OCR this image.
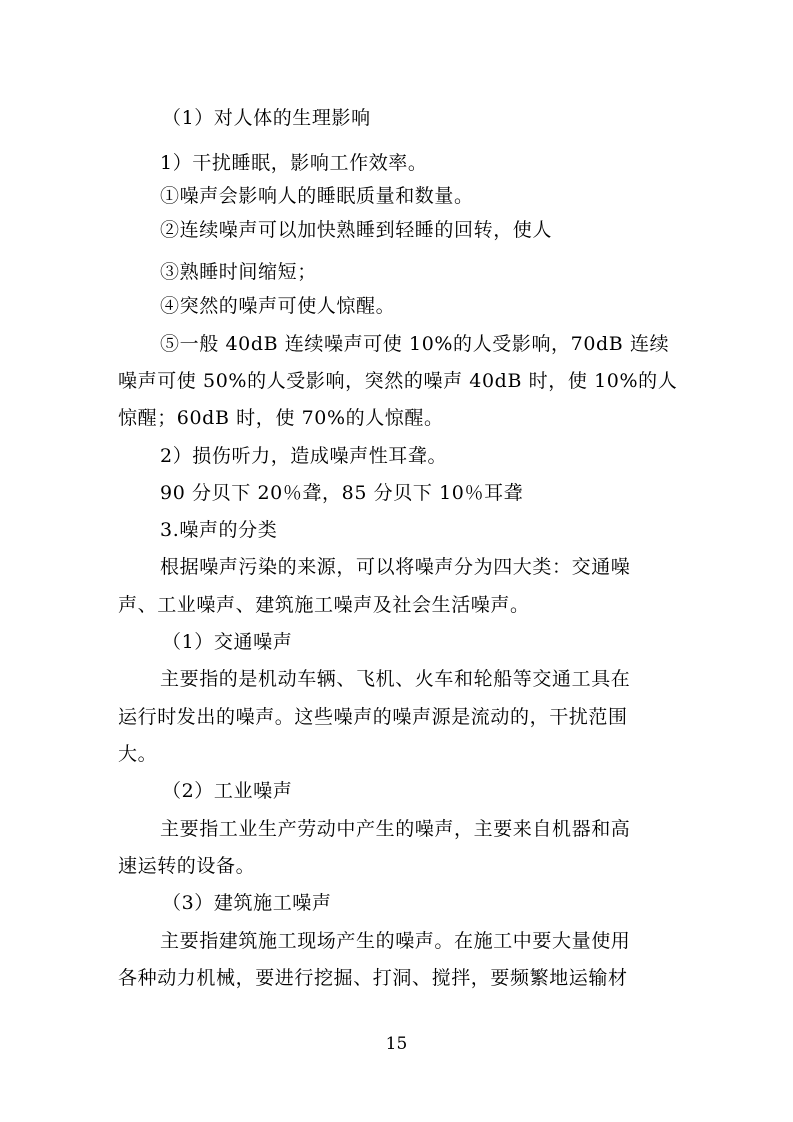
（1）对人体的生理影响
1）干扰睡眠，影响工作效率。
①噪声会影响人的睡眠质量和数量。
②连续噪声可以加快熟睡到轻睡的回转，使人
③熟睡时间缩短；
④突然的噪声可使人惊醒。
⑤一般 40dB 连续噪声可使 10%的人受影响，70dB 连续
噪声可使 50%的人受影响，突然的噪声 40dB 时，使 10%的人
惊醒；60dB 时，使 70%的人惊醒。
2）损伤听力，造成噪声性耳聋。
90 分贝下 20％聋，85 分贝下 10％耳聋
3.噪声的分类
根据噪声污染的来源，可以将噪声分为四大类：交通噪
声、工业噪声、建筑施工噪声及社会生活噪声。
（1）交通噪声
主要指的是机动车辆、飞机、火车和轮船等交通工具在
运行时发出的噪声。这些噪声的噪声源是流动的，干扰范围
大。
（2）工业噪声
主要指工业生产劳动中产生的噪声，主要来自机器和高
速运转的设备。
（3）建筑施工噪声
主要指建筑施工现场产生的噪声。在施工中要大量使用
各种动力机械，要进行挖掘、打洞、搅拌，要频繁地运输材
15
